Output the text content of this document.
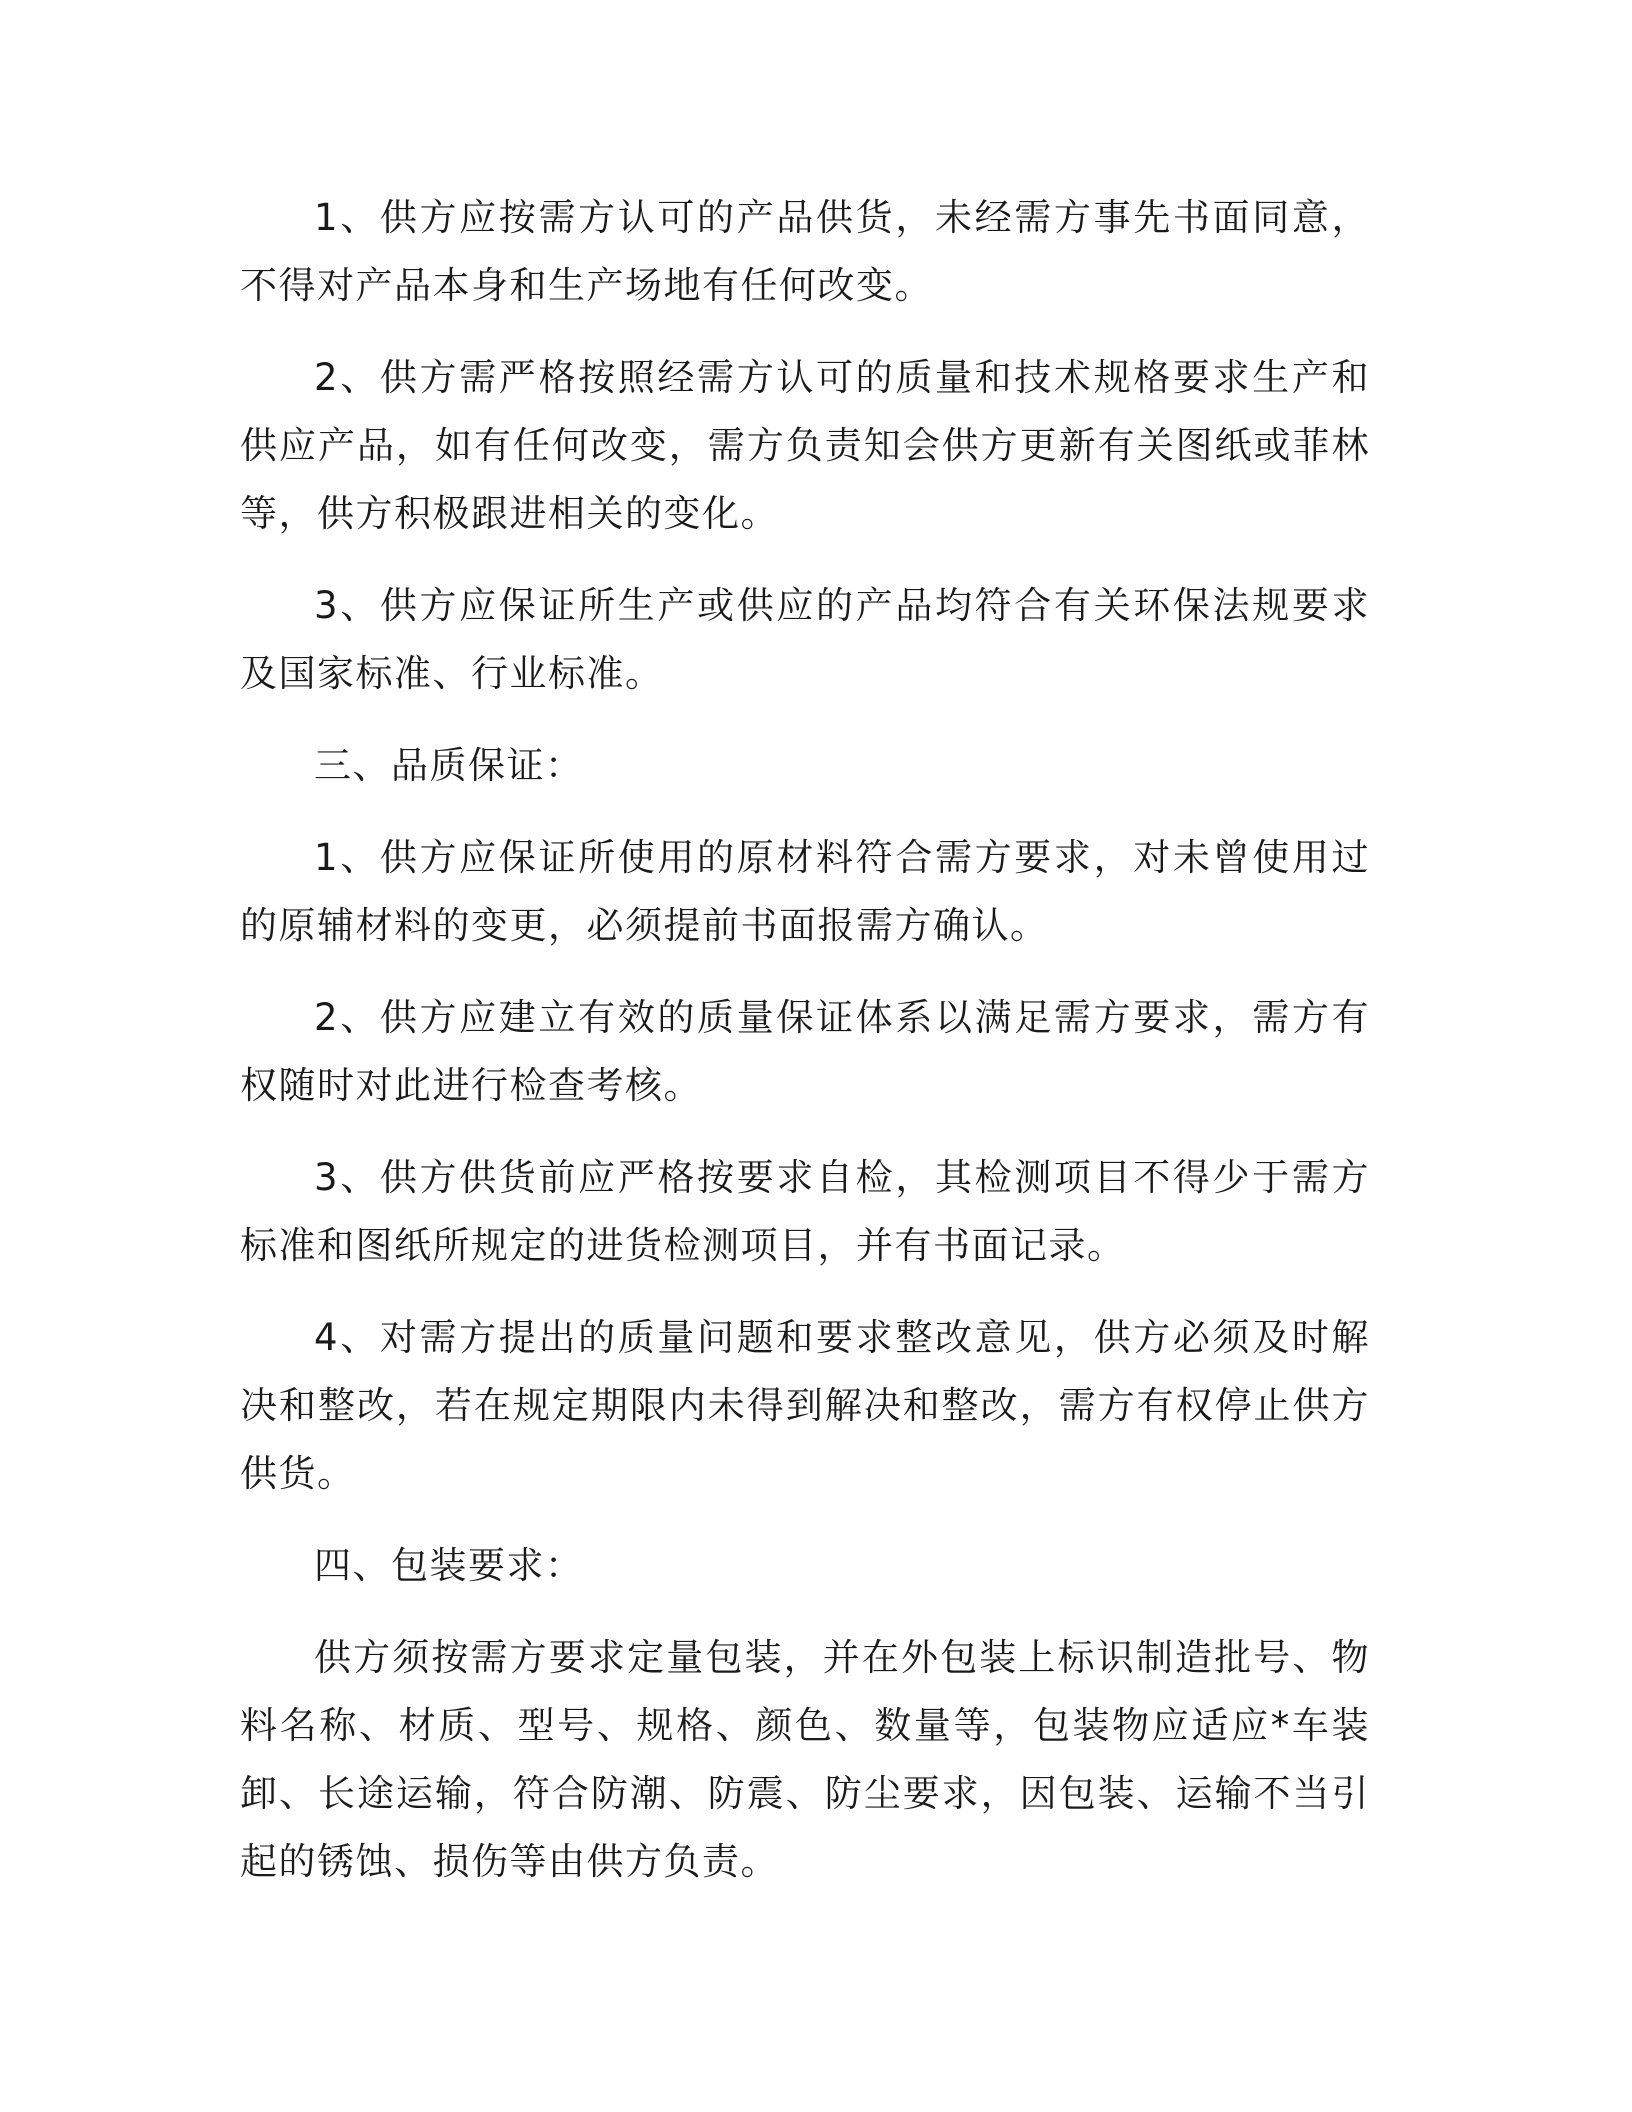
1、供方应按需方认可的产品供货，未经需方事先书面同意，不得对产品本身和生产场地有任何改变。

2、供方需严格按照经需方认可的质量和技术规格要求生产和供应产品，如有任何改变，需方负责知会供方更新有关图纸或菲林等，供方积极跟进相关的变化。

3、供方应保证所生产或供应的产品均符合有关环保法规要求及国家标准、行业标准。

三、品质保证：

1、供方应保证所使用的原材料符合需方要求，对未曾使用过的原辅材料的变更，必须提前书面报需方确认。

2、供方应建立有效的质量保证体系以满足需方要求，需方有权随时对此进行检查考核。

3、供方供货前应严格按要求自检，其检测项目不得少于需方标准和图纸所规定的进货检测项目，并有书面记录。

4、对需方提出的质量问题和要求整改意见，供方必须及时解决和整改，若在规定期限内未得到解决和整改，需方有权停止供方供货。

四、包装要求：

供方须按需方要求定量包装，并在外包装上标识制造批号、物料名称、材质、型号、规格、颜色、数量等，包装物应适应*车装卸、长途运输，符合防潮、防震、防尘要求，因包装、运输不当引起的锈蚀、损伤等由供方负责。
